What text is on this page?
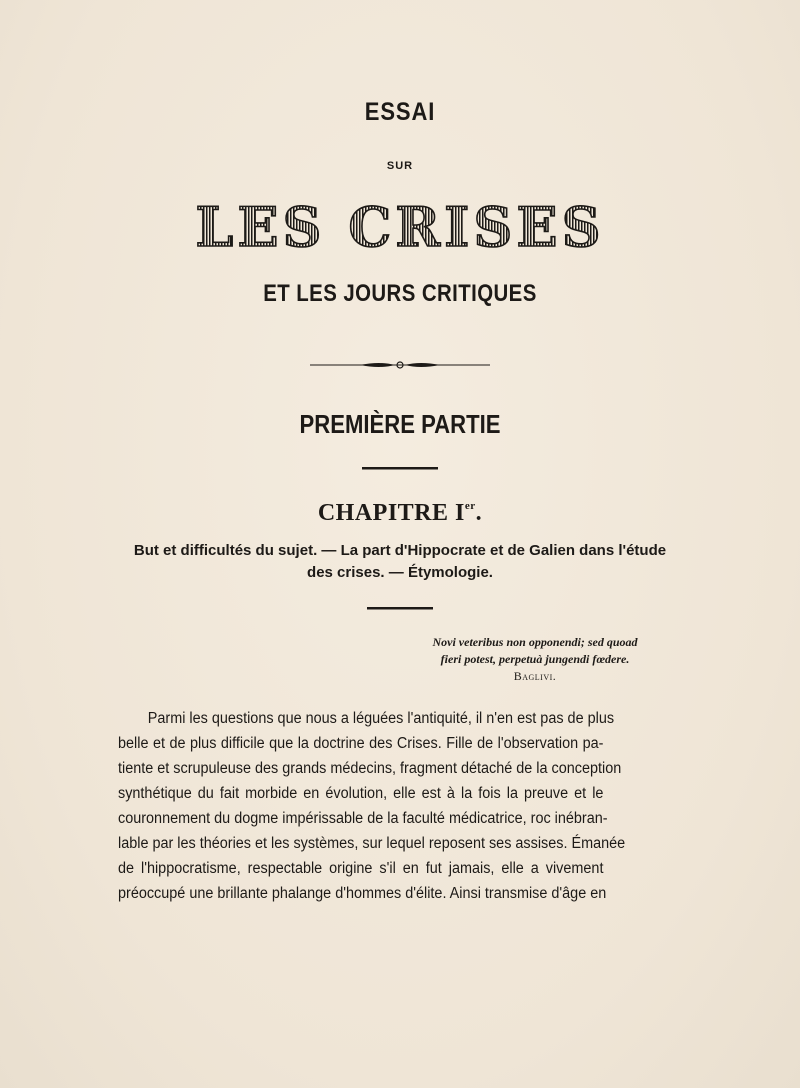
ESSAI
SUR
LES CRISES
ET LES JOURS CRITIQUES
PREMIÈRE PARTIE
CHAPITRE Ier.
But et difficultés du sujet. — La part d'Hippocrate et de Galien dans l'étude
des crises. — Étymologie.
Novi veteribus non opponendi; sed quoad
fieri potest, perpetuà jungendi fœdere.
Baglivi.
Parmi les questions que nous a léguées l'antiquité, il n'en est pas de plus
belle et de plus difficile que la doctrine des Crises. Fille de l'observation pa-
tiente et scrupuleuse des grands médecins, fragment détaché de la conception
synthétique du fait morbide en évolution, elle est à la fois la preuve et le
couronnement du dogme impérissable de la faculté médicatrice, roc inébran-
lable par les théories et les systèmes, sur lequel reposent ses assises. Émanée
de l'hippocratisme, respectable origine s'il en fut jamais, elle a vivement
préoccupé une brillante phalange d'hommes d'élite. Ainsi transmise d'âge en
